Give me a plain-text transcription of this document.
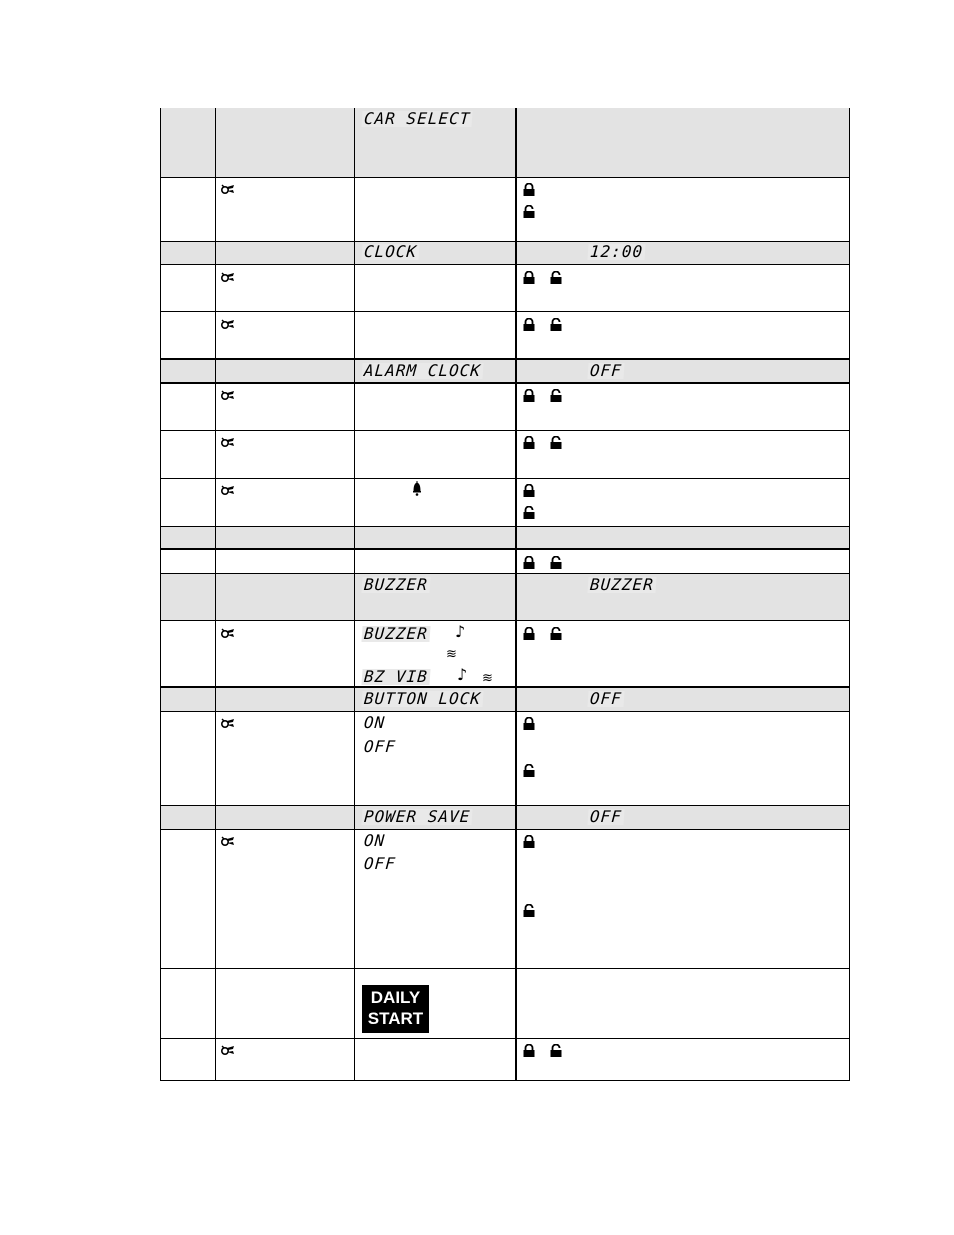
CAR SELECT
CLOCK
ALARM CLOCK
BUZZER
BUZZER
BZ VIB
BUTTON LOCK
ON
OFF
POWER SAVE
ON
OFF
♪
≋
♪ ≋
DAILY
START
12:00
OFF
BUZZER
OFF
OFF
